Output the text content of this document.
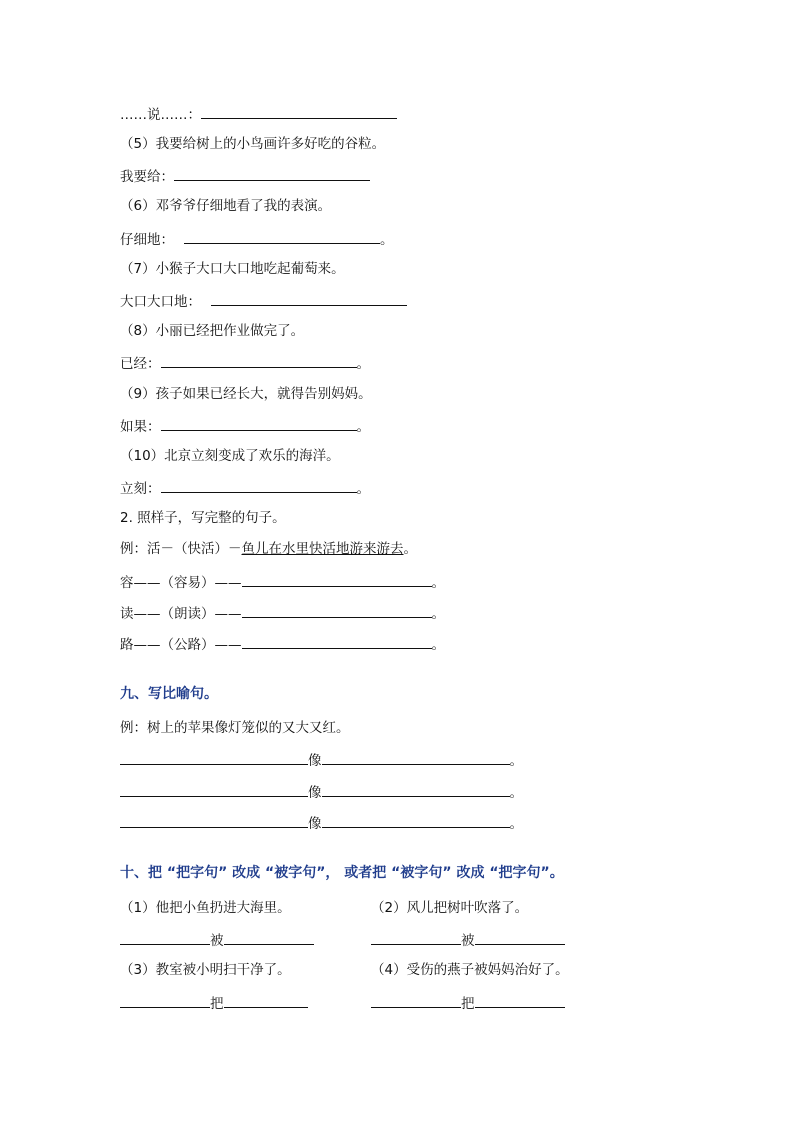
……说……：
（5）我要给树上的小鸟画许多好吃的谷粒。
我要给：
（6）邓爷爷仔细地看了我的表演。
仔细地：	。
（7）小猴子大口大口地吃起葡萄来。
大口大口地：
（8）小丽已经把作业做完了。
已经：	。
（9）孩子如果已经长大，就得告别妈妈。
如果：	。
（10）北京立刻变成了欢乐的海洋。
立刻：	。
2. 照样子，写完整的句子。
例：活－（快活）－鱼儿在水里快活地游来游去。
容——（容易）——	。
读——（朗读）——	。
路——（公路）——	。
九、写比喻句。
例：树上的苹果像灯笼似的又大又红。
像	。
像	。
像	。
十、把 “把字句” 改成 “被字句”， 或者把 “被字句” 改成 “把字句”。
（1）他把小鱼扔进大海里。	（2）风儿把树叶吹落了。
被	被
（3）教室被小明扫干净了。	（4）受伤的燕子被妈妈治好了。
把	把
